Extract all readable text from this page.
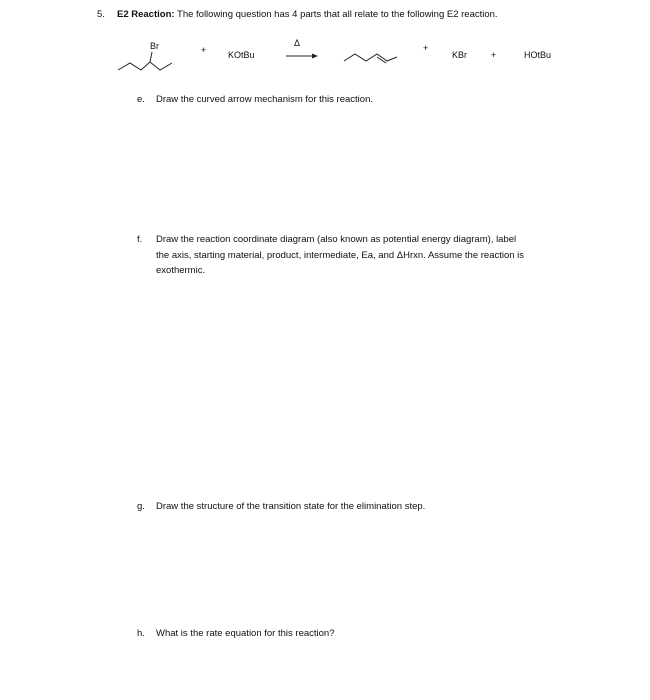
5. E2 Reaction: The following question has 4 parts that all relate to the following E2 reaction.
Br	+ KOtBu
Δ	+
KBr	+	HOtBu
e. Draw the curved arrow mechanism for this reaction.
f. Draw the reaction coordinate diagram (also known as potential energy diagram), label
the axis, starting material, product, intermediate, Ea, and ΔHrxn. Assume the reaction is
exothermic.
g. Draw the structure of the transition state for the elimination step.
h. What is the rate equation for this reaction?
